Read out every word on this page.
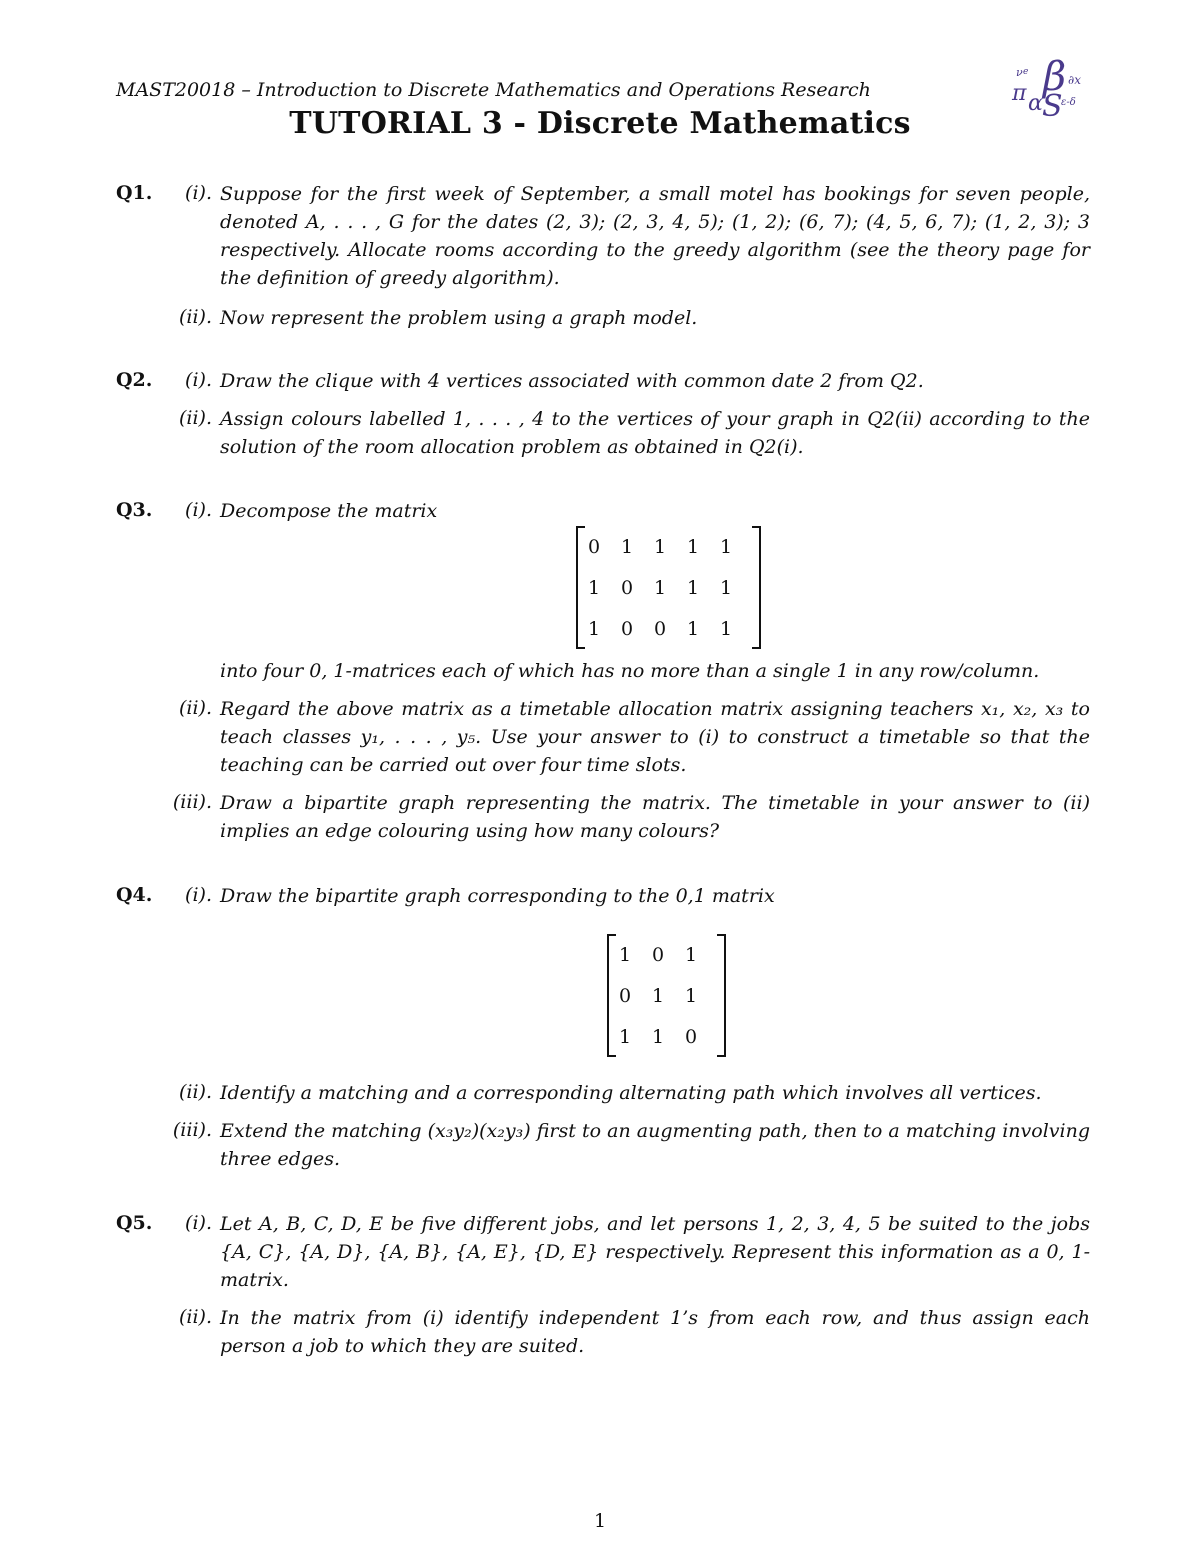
MAST20018 – Introduction to Discrete Mathematics and Operations Research
ν e β ∂x
π α S
ε-δ
TUTORIAL 3 - Discrete Mathematics
Q1.	(i). Suppose for the first week of September, a small motel has bookings for seven people, denoted A, . . . , G for the dates (2, 3); (2, 3, 4, 5); (1, 2); (6, 7); (4, 5, 6, 7); (1, 2, 3); 3 respectively. Allocate rooms according to the greedy algorithm (see the theory page for the definition of greedy algorithm).
(ii). Now represent the problem using a graph model.
Q2.	(i). Draw the clique with 4 vertices associated with common date 2 from Q2.
(ii). Assign colours labelled 1, . . . , 4 to the vertices of your graph in Q2(ii) according to the solution of the room allocation problem as obtained in Q2(i).
Q3.	(i). Decompose the matrix
0	1	1	1	1
1	0	1	1	1
1	0	0	1	1
into four 0, 1-matrices each of which has no more than a single 1 in any row/column.
(ii). Regard the above matrix as a timetable allocation matrix assigning teachers x₁, x₂, x₃ to teach classes y₁, . . . , y₅. Use your answer to (i) to construct a timetable so that the teaching can be carried out over four time slots.
(iii). Draw a bipartite graph representing the matrix. The timetable in your answer to (ii) implies an edge colouring using how many colours?
Q4.	(i). Draw the bipartite graph corresponding to the 0,1 matrix
1	0	1
0	1	1
1	1	0
(ii). Identify a matching and a corresponding alternating path which involves all vertices.
(iii). Extend the matching (x₃y₂)(x₂y₃) first to an augmenting path, then to a matching involving three edges.
Q5.	(i). Let A, B, C, D, E be five different jobs, and let persons 1, 2, 3, 4, 5 be suited to the jobs {A, C}, {A, D}, {A, B}, {A, E}, {D, E} respectively. Represent this information as a 0, 1-matrix.
(ii). In the matrix from (i) identify independent 1’s from each row, and thus assign each person a job to which they are suited.
1
